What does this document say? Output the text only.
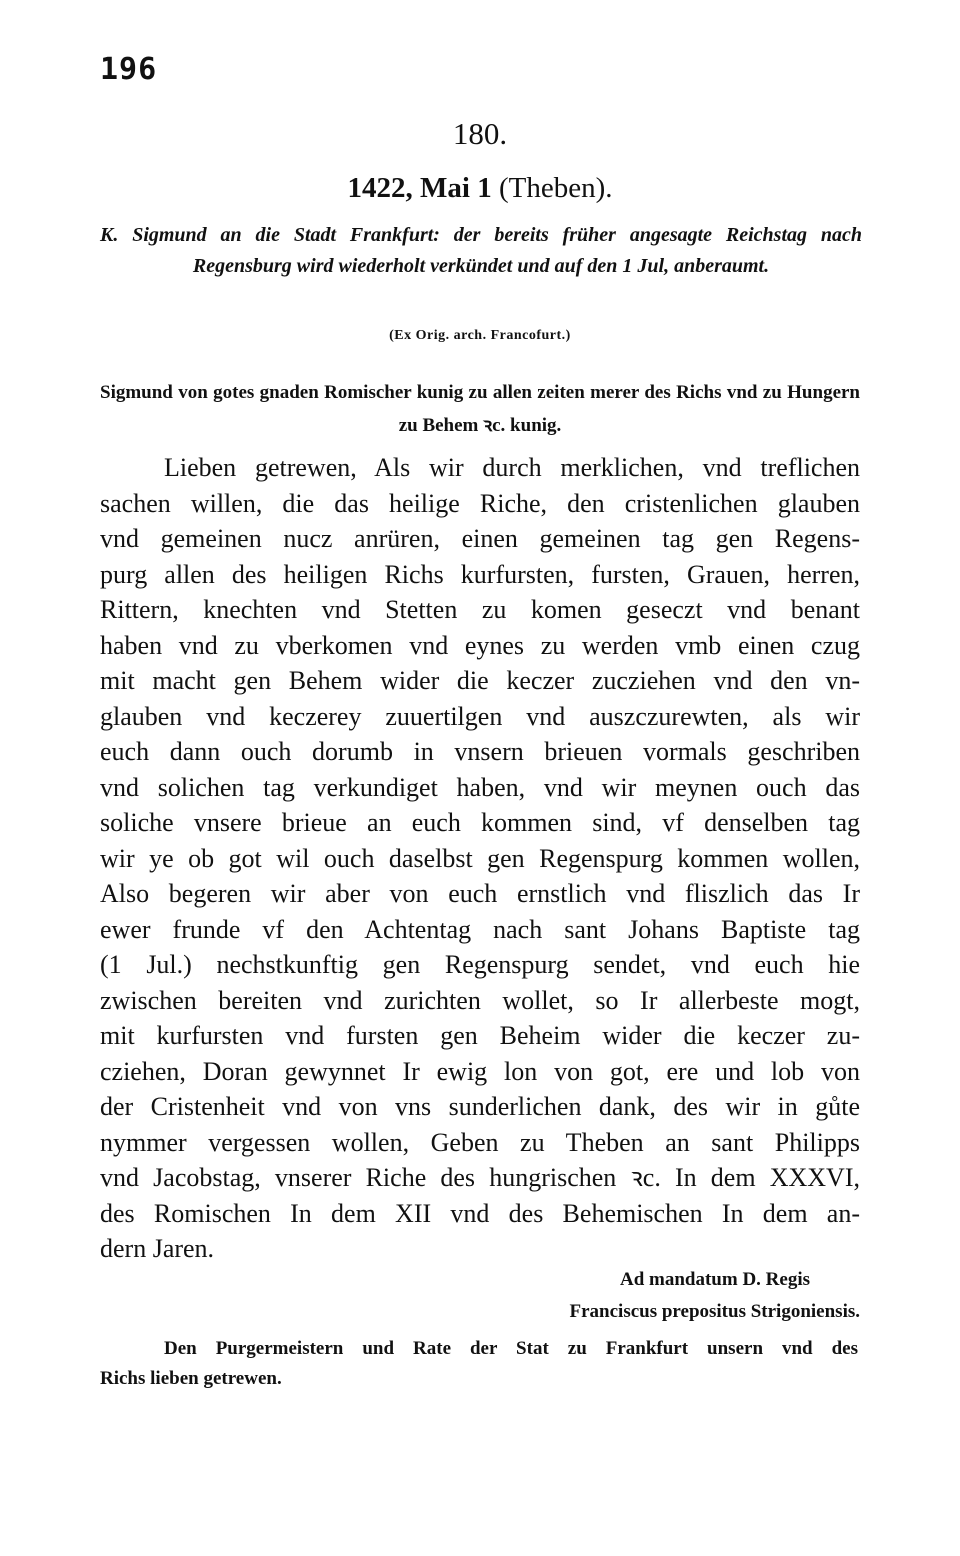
196
180.
1422, Mai 1 (Theben).
K. Sigmund an die Stadt Frankfurt: der bereits früher angesagte Reichstag nach Regensburg wird wiederholt verkündet und auf den 1 Jul, anberaumt.
(Ex Orig. arch. Francofurt.)
Sigmund von gotes gnaden Romischer kunig zu allen zeiten merer des Richs vnd zu Hungern zu Behem ꝛc. kunig.
Lieben getrewen, Als wir durch merklichen, vnd treflichen
sachen willen, die das heilige Riche, den cristenlichen glauben
vnd gemeinen nucz anrüren, einen gemeinen tag gen Regens-
purg allen des heiligen Richs kurfursten, fursten, Grauen, herren,
Rittern, knechten vnd Stetten zu komen geseczt vnd benant
haben vnd zu vberkomen vnd eynes zu werden vmb einen czug
mit macht gen Behem wider die keczer zucziehen vnd den vn-
glauben vnd keczerey zuuertilgen vnd auszczurewten, als wir
euch dann ouch dorumb in vnsern brieuen vormals geschriben
vnd solichen tag verkundiget haben, vnd wir meynen ouch das
soliche vnsere brieue an euch kommen sind, vf denselben tag
wir ye ob got wil ouch daselbst gen Regenspurg kommen wollen,
Also begeren wir aber von euch ernstlich vnd fliszlich das Ir
ewer frunde vf den Achtentag nach sant Johans Baptiste tag
(1 Jul.) nechstkunftig gen Regenspurg sendet, vnd euch hie
zwischen bereiten vnd zurichten wollet, so Ir allerbeste mogt,
mit kurfursten vnd fursten gen Beheim wider die keczer zu-
cziehen, Doran gewynnet Ir ewig lon von got, ere und lob von
der Cristenheit vnd von vns sunderlichen dank, des wir in gůte
nymmer vergessen wollen, Geben zu Theben an sant Philipps
vnd Jacobstag, vnserer Riche des hungrischen ꝛc. In dem XXXVI,
des Romischen In dem XII vnd des Behemischen In dem an-
dern Jaren.
Ad mandatum D. Regis
Franciscus prepositus Strigoniensis.
Den Purgermeistern und Rate der Stat zu Frankfurt unsern vnd des
Richs lieben getrewen.
